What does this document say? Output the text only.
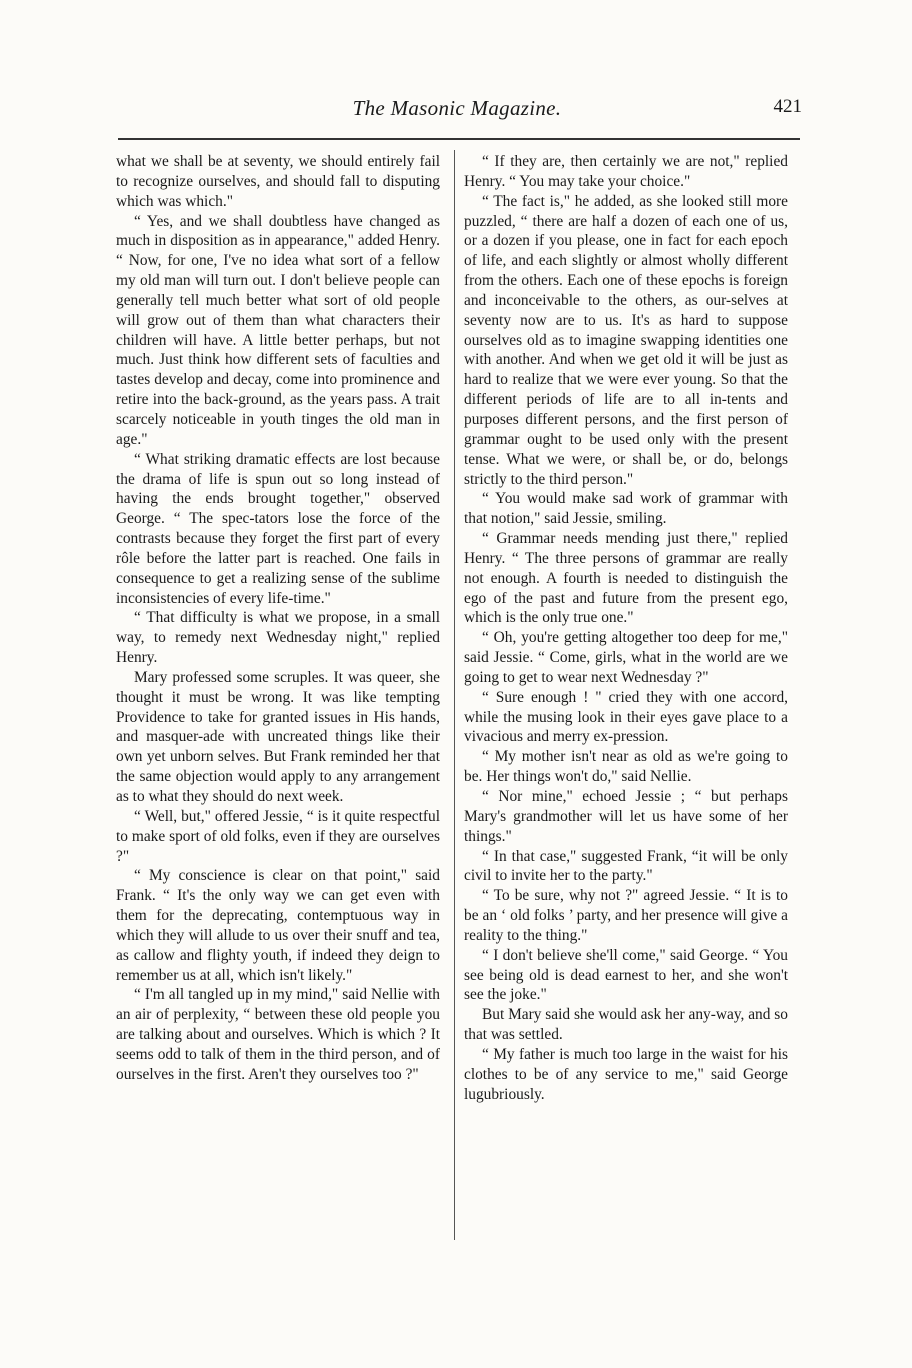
The Masonic Magazine.	421

what we shall be at seventy, we should entirely fail to recognize ourselves, and should fall to disputing which was which."

“ Yes, and we shall doubtless have changed as much in disposition as in appearance," added Henry. “ Now, for one, I've no idea what sort of a fellow my old man will turn out. I don't believe people can generally tell much better what sort of old people will grow out of them than what characters their children will have. A little better perhaps, but not much. Just think how different sets of faculties and tastes develop and decay, come into prominence and retire into the back-ground, as the years pass. A trait scarcely noticeable in youth tinges the old man in age."

“ What striking dramatic effects are lost because the drama of life is spun out so long instead of having the ends brought together," observed George. “ The spec-tators lose the force of the contrasts because they forget the first part of every rôle before the latter part is reached. One fails in consequence to get a realizing sense of the sublime inconsistencies of every life-time."

“ That difficulty is what we propose, in a small way, to remedy next Wednesday night," replied Henry.

Mary professed some scruples. It was queer, she thought it must be wrong. It was like tempting Providence to take for granted issues in His hands, and masquer-ade with uncreated things like their own yet unborn selves. But Frank reminded her that the same objection would apply to any arrangement as to what they should do next week.

“ Well, but," offered Jessie, “ is it quite respectful to make sport of old folks, even if they are ourselves ?"

“ My conscience is clear on that point," said Frank. “ It's the only way we can get even with them for the deprecating, contemptuous way in which they will allude to us over their snuff and tea, as callow and flighty youth, if indeed they deign to remember us at all, which isn't likely."

“ I'm all tangled up in my mind," said Nellie with an air of perplexity, “ between these old people you are talking about and ourselves. Which is which ? It seems odd to talk of them in the third person, and of ourselves in the first. Aren't they ourselves too ?"

“ If they are, then certainly we are not," replied Henry. “ You may take your choice."

“ The fact is," he added, as she looked still more puzzled, “ there are half a dozen of each one of us, or a dozen if you please, one in fact for each epoch of life, and each slightly or almost wholly different from the others. Each one of these epochs is foreign and inconceivable to the others, as our-selves at seventy now are to us. It's as hard to suppose ourselves old as to imagine swapping identities one with another. And when we get old it will be just as hard to realize that we were ever young. So that the different periods of life are to all in-tents and purposes different persons, and the first person of grammar ought to be used only with the present tense. What we were, or shall be, or do, belongs strictly to the third person."

“ You would make sad work of grammar with that notion," said Jessie, smiling.

“ Grammar needs mending just there," replied Henry. “ The three persons of grammar are really not enough. A fourth is needed to distinguish the ego of the past and future from the present ego, which is the only true one."

“ Oh, you're getting altogether too deep for me," said Jessie. “ Come, girls, what in the world are we going to get to wear next Wednesday ?"

“ Sure enough ! " cried they with one accord, while the musing look in their eyes gave place to a vivacious and merry ex-pression.

“ My mother isn't near as old as we're going to be. Her things won't do," said Nellie.

“ Nor mine," echoed Jessie ; “ but perhaps Mary's grandmother will let us have some of her things."

“ In that case," suggested Frank, “it will be only civil to invite her to the party."

“ To be sure, why not ?" agreed Jessie. “ It is to be an ‘ old folks ’ party, and her presence will give a reality to the thing."

“ I don't believe she'll come," said George. “ You see being old is dead earnest to her, and she won't see the joke."

But Mary said she would ask her any-way, and so that was settled.

“ My father is much too large in the waist for his clothes to be of any service to me," said George lugubriously.
